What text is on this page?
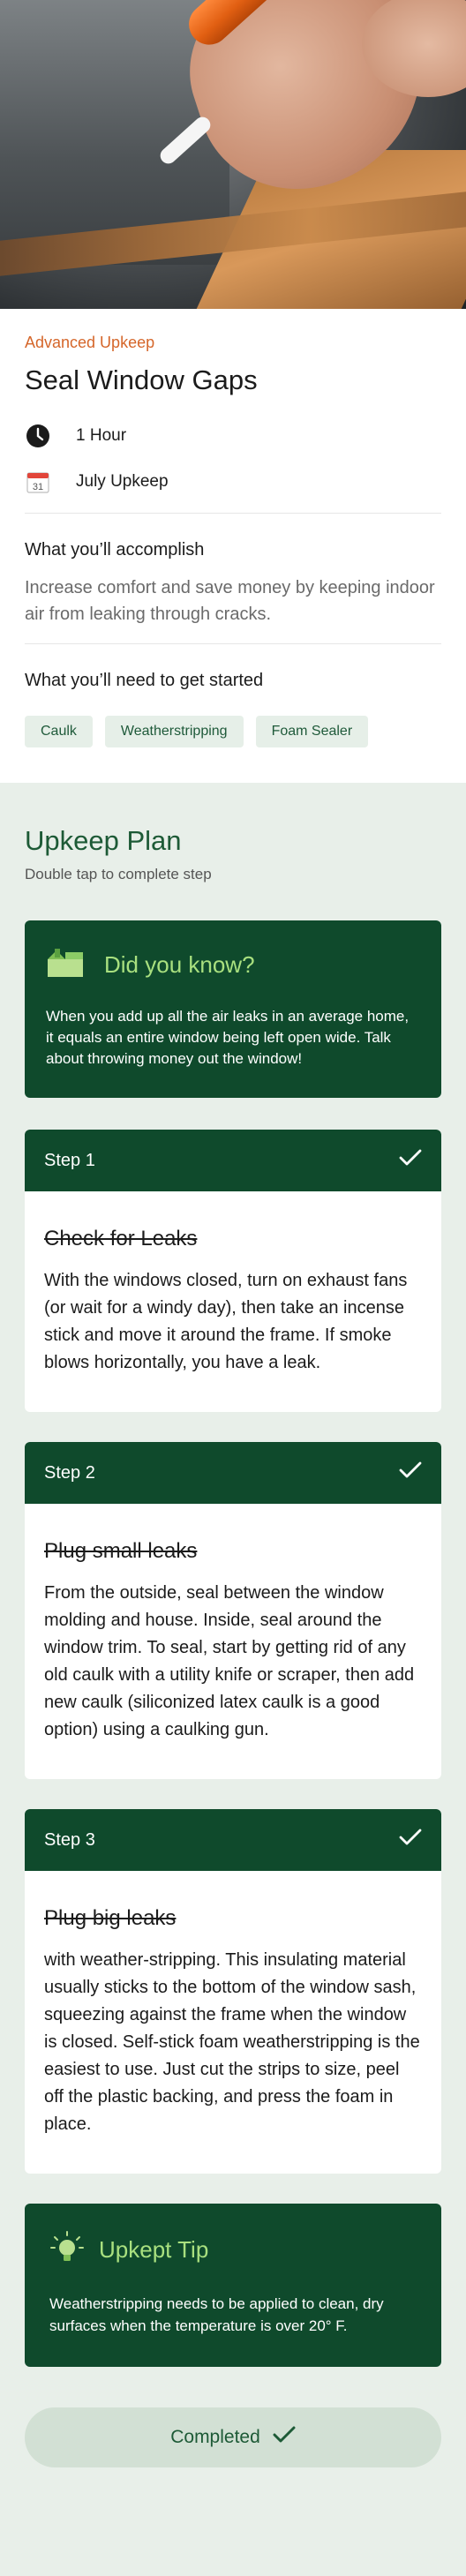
Advanced Upkeep
Seal Window Gaps
1 Hour
31 July Upkeep
What you’ll accomplish

Increase comfort and save money by keeping indoor air from leaking through cracks.

What you’ll need to get started
Caulk	Weatherstripping	Foam Sealer
Upkeep Plan
Double tap to complete step
Did you know?

When you add up all the air leaks in an average home, it equals an entire window being left open wide. Talk about throwing money out the window!

Step 1
Check for Leaks

With the windows closed, turn on exhaust fans (or wait for a windy day), then take an incense stick and move it around the frame. If smoke blows horizontally, you have a leak.

Step 2
Plug small leaks

From the outside, seal between the window molding and house. Inside, seal around the window trim. To seal, start by getting rid of any old caulk with a utility knife or scraper, then add new caulk (siliconized latex caulk is a good option) using a caulking gun.

Step 3
Plug big leaks

with weather-stripping. This insulating material usually sticks to the bottom of the window sash, squeezing against the frame when the window is closed. Self-stick foam weatherstripping is the easiest to use. Just cut the strips to size, peel off the plastic backing, and press the foam in place.

Upkept Tip

Weatherstripping needs to be applied to clean, dry surfaces when the temperature is over 20° F.

Completed
